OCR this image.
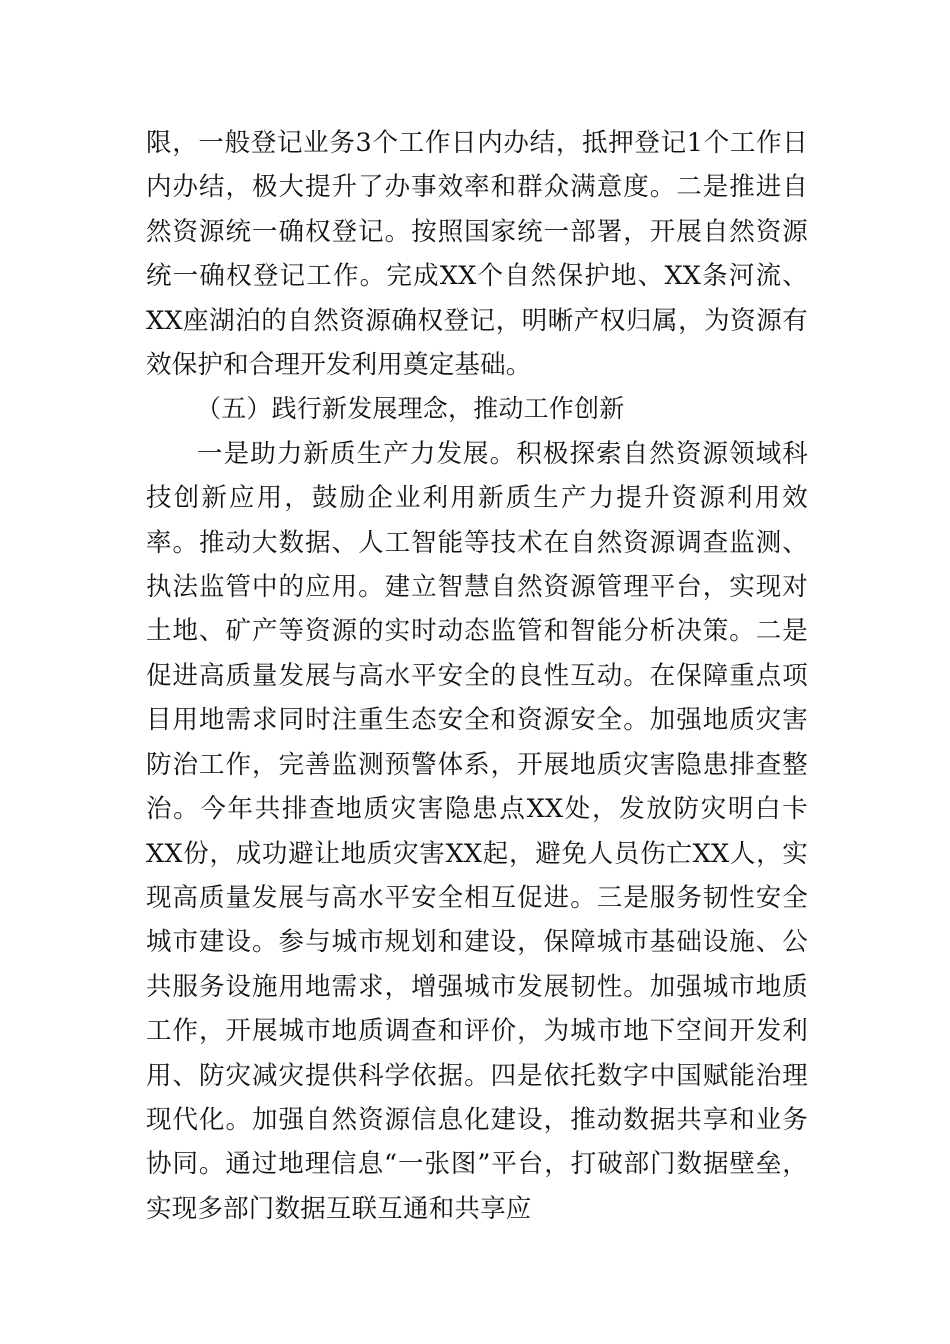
限，一般登记业务3个工作日内办结，抵押登记1个工作日内办结，极大提升了办事效率和群众满意度。二是推进自然资源统一确权登记。按照国家统一部署，开展自然资源统一确权登记工作。完成XX个自然保护地、XX条河流、XX座湖泊的自然资源确权登记，明晰产权归属，为资源有效保护和合理开发利用奠定基础。

（五）践行新发展理念，推动工作创新

一是助力新质生产力发展。积极探索自然资源领域科技创新应用，鼓励企业利用新质生产力提升资源利用效率。推动大数据、人工智能等技术在自然资源调查监测、执法监管中的应用。建立智慧自然资源管理平台，实现对土地、矿产等资源的实时动态监管和智能分析决策。二是促进高质量发展与高水平安全的良性互动。在保障重点项目用地需求同时注重生态安全和资源安全。加强地质灾害防治工作，完善监测预警体系，开展地质灾害隐患排查整治。今年共排查地质灾害隐患点XX处，发放防灾明白卡XX份，成功避让地质灾害XX起，避免人员伤亡XX人，实现高质量发展与高水平安全相互促进。三是服务韧性安全城市建设。参与城市规划和建设，保障城市基础设施、公共服务设施用地需求，增强城市发展韧性。加强城市地质工作，开展城市地质调查和评价，为城市地下空间开发利用、防灾减灾提供科学依据。四是依托数字中国赋能治理现代化。加强自然资源信息化建设，推动数据共享和业务协同。通过地理信息“一张图”平台，打破部门数据壁垒，实现多部门数据互联互通和共享应
